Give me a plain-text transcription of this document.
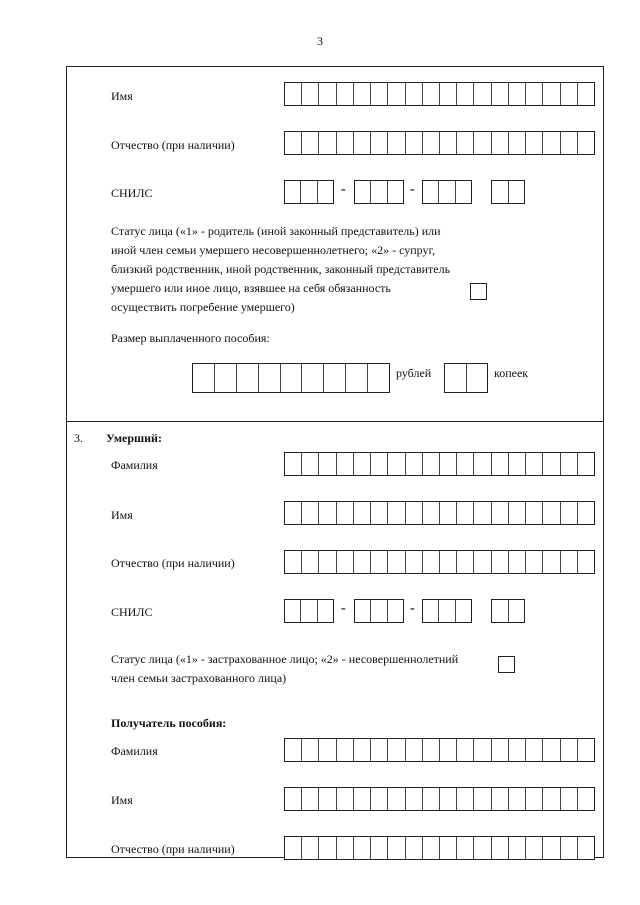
3
Имя
Отчество (при наличии)
СНИЛС	-	-
Статус лица («1» - родитель (иной законный представитель) или
иной член семьи умершего несовершеннолетнего; «2» - супруг,
близкий родственник, иной родственник, законный представитель
умершего или иное лицо, взявшее на себя обязанность
осуществить погребение умершего)
Размер выплаченного пособия:
рублей	копеек
3. Умерший:
Фамилия
Имя
Отчество (при наличии)
СНИЛС	-	-
Статус лица («1» - застрахованное лицо; «2» - несовершеннолетний
член семьи застрахованного лица)
Получатель пособия:
Фамилия
Имя
Отчество (при наличии)
